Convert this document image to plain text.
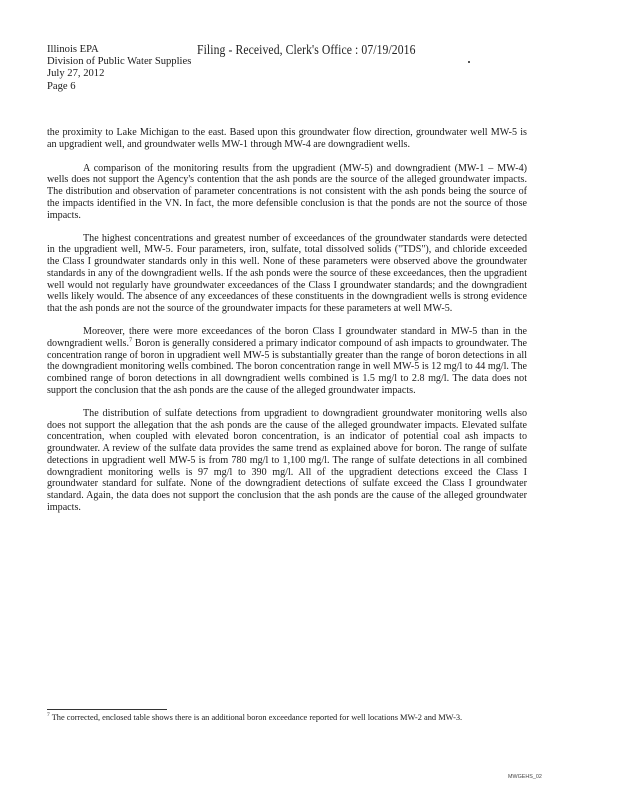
Illinois EPA
Division of Public Water Supplies
July 27, 2012
Page 6
Filing - Received, Clerk's Office : 07/19/2016

the proximity to Lake Michigan to the east. Based upon this groundwater flow direction, groundwater well MW-5 is an upgradient well, and groundwater wells MW-1 through MW-4 are downgradient wells.

A comparison of the monitoring results from the upgradient (MW-5) and downgradient (MW-1 – MW-4) wells does not support the Agency's contention that the ash ponds are the source of the alleged groundwater impacts. The distribution and observation of parameter concentrations is not consistent with the ash ponds being the source of the impacts identified in the VN. In fact, the more defensible conclusion is that the ponds are not the source of those impacts.

The highest concentrations and greatest number of exceedances of the groundwater standards were detected in the upgradient well, MW-5. Four parameters, iron, sulfate, total dissolved solids ("TDS"), and chloride exceeded the Class I groundwater standards only in this well. None of these parameters were observed above the groundwater standards in any of the downgradient wells. If the ash ponds were the source of these exceedances, then the upgradient well would not regularly have groundwater exceedances of the Class I groundwater standards; and the downgradient wells likely would. The absence of any exceedances of these constituents in the downgradient wells is strong evidence that the ash ponds are not the source of the groundwater impacts for these parameters at well MW-5.

Moreover, there were more exceedances of the boron Class I groundwater standard in MW-5 than in the downgradient wells.$^7$ Boron is generally considered a primary indicator compound of ash impacts to groundwater. The concentration range of boron in upgradient well MW-5 is substantially greater than the range of boron detections in all the downgradient monitoring wells combined. The boron concentration range in well MW-5 is 12 mg/l to 44 mg/l. The combined range of boron detections in all downgradient wells combined is 1.5 mg/l to 2.8 mg/l. The data does not support the conclusion that the ash ponds are the cause of the alleged groundwater impacts.

The distribution of sulfate detections from upgradient to downgradient groundwater monitoring wells also does not support the allegation that the ash ponds are the cause of the alleged groundwater impacts. Elevated sulfate concentration, when coupled with elevated boron concentration, is an indicator of potential coal ash impacts to groundwater. A review of the sulfate data provides the same trend as explained above for boron. The range of sulfate detections in upgradient well MW-5 is from 780 mg/l to 1,100 mg/l. The range of sulfate detections in all combined downgradient monitoring wells is 97 mg/l to 390 mg/l. All of the upgradient detections exceed the Class I groundwater standard for sulfate. None of the downgradient detections of sulfate exceed the Class I groundwater standard. Again, the data does not support the conclusion that the ash ponds are the cause of the alleged groundwater impacts.

$^7$ The corrected, enclosed table shows there is an additional boron exceedance reported for well locations MW-2 and MW-3.
MWGEHS_02
